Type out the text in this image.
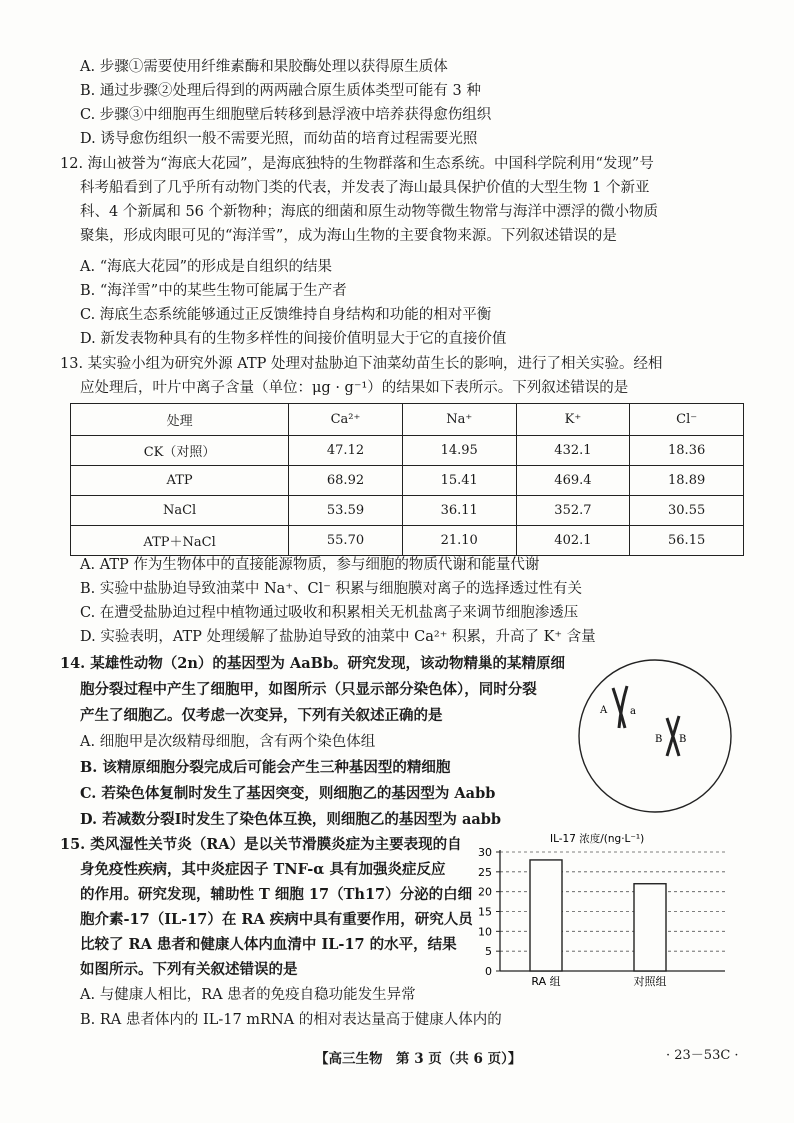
A. 步骤①需要使用纤维素酶和果胶酶处理以获得原生质体
B. 通过步骤②处理后得到的两两融合原生质体类型可能有 3 种
C. 步骤③中细胞再生细胞壁后转移到悬浮液中培养获得愈伤组织
D. 诱导愈伤组织一般不需要光照，而幼苗的培育过程需要光照
12. 海山被誉为“海底大花园”，是海底独特的生物群落和生态系统。中国科学院利用“发现”号
科考船看到了几乎所有动物门类的代表，并发表了海山最具保护价值的大型生物 1 个新亚
科、4 个新属和 56 个新物种；海底的细菌和原生动物等微生物常与海洋中漂浮的微小物质
聚集，形成肉眼可见的“海洋雪”，成为海山生物的主要食物来源。下列叙述错误的是
A. “海底大花园”的形成是自组织的结果
B. “海洋雪”中的某些生物可能属于生产者
C. 海底生态系统能够通过正反馈维持自身结构和功能的相对平衡
D. 新发表物种具有的生物多样性的间接价值明显大于它的直接价值
13. 某实验小组为研究外源 ATP 处理对盐胁迫下油菜幼苗生长的影响，进行了相关实验。经相
应处理后，叶片中离子含量（单位：μg · g⁻¹）的结果如下表所示。下列叙述错误的是
处理	Ca²⁺	Na⁺	K⁺	Cl⁻
CK（对照）	47.12	14.95	432.1	18.36
ATP	68.92	15.41	469.4	18.89
NaCl	53.59	36.11	352.7	30.55
ATP＋NaCl	55.70	21.10	402.1	56.15
A. ATP 作为生物体中的直接能源物质，参与细胞的物质代谢和能量代谢
B. 实验中盐胁迫导致油菜中 Na⁺、Cl⁻ 积累与细胞膜对离子的选择透过性有关
C. 在遭受盐胁迫过程中植物通过吸收和积累相关无机盐离子来调节细胞渗透压
D. 实验表明，ATP 处理缓解了盐胁迫导致的油菜中 Ca²⁺ 积累，升高了 K⁺ 含量
14. 某雄性动物（2n）的基因型为 AaBb。研究发现，该动物精巢的某精原细
胞分裂过程中产生了细胞甲，如图所示（只显示部分染色体），同时分裂
产生了细胞乙。仅考虑一次变异，下列有关叙述正确的是
A. 细胞甲是次级精母细胞，含有两个染色体组
B. 该精原细胞分裂完成后可能会产生三种基因型的精细胞
C. 若染色体复制时发生了基因突变，则细胞乙的基因型为 Aabb
D. 若减数分裂Ⅰ时发生了染色体互换，则细胞乙的基因型为 aabb
A a
B B
15. 类风湿性关节炎（RA）是以关节滑膜炎症为主要表现的自
身免疫性疾病，其中炎症因子 TNF-α 具有加强炎症反应
的作用。研究发现，辅助性 T 细胞 17（Th17）分泌的白细
胞介素-17（IL-17）在 RA 疾病中具有重要作用，研究人员
比较了 RA 患者和健康人体内血清中 IL-17 的水平，结果
如图所示。下列有关叙述错误的是
A. 与健康人相比，RA 患者的免疫自稳功能发生异常
B. RA 患者体内的 IL-17 mRNA 的相对表达量高于健康人体内的
IL-17 浓度/(ng·L⁻¹)
0
5
10
15
20
25
30
RA 组	对照组
【高三生物　第 3 页（共 6 页）】	· 23－53C ·
